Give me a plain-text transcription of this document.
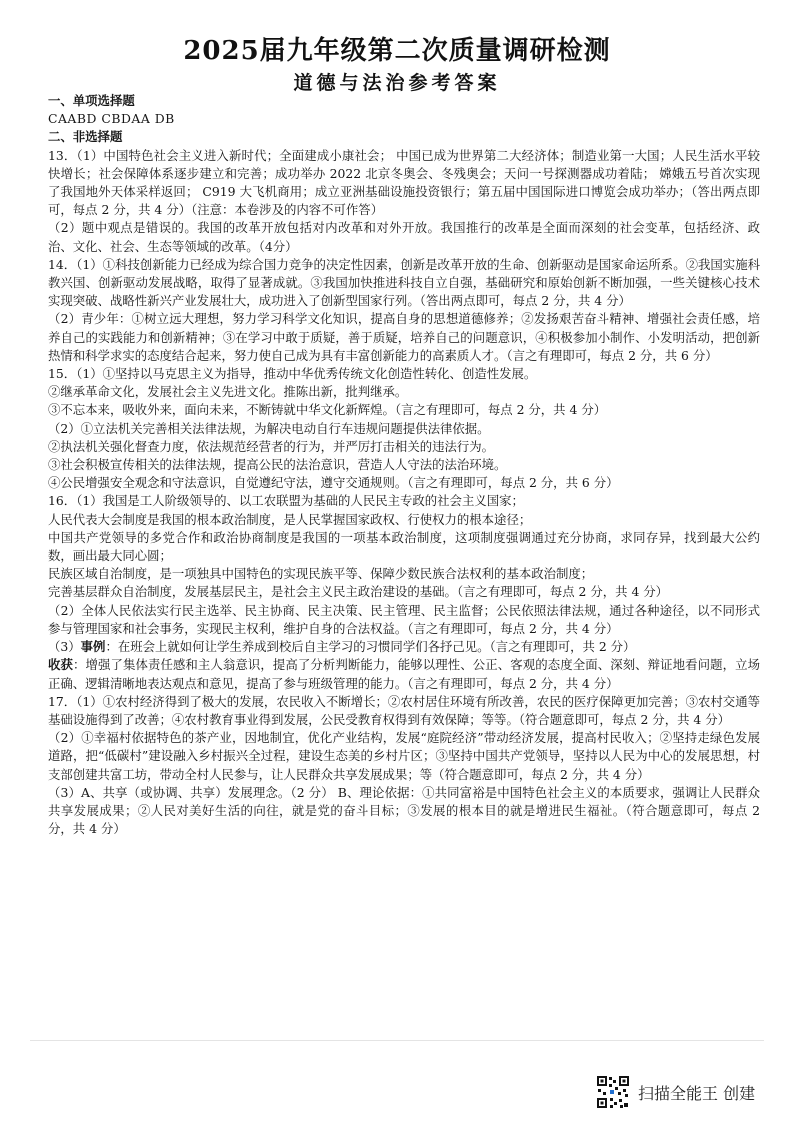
2025届九年级第二次质量调研检测
道德与法治参考答案

一、单项选择题

CAABD CBDAA DB

二、非选择题

13．（1）中国特色社会主义进入新时代；全面建成小康社会； 中国已成为世界第二大经济体；制造业第一大国；人民生活水平较快增长；社会保障体系逐步建立和完善；成功举办 2022 北京冬奥会、冬残奥会；天问一号探测器成功着陆； 嫦娥五号首次实现了我国地外天体采样返回； C919 大飞机商用；成立亚洲基础设施投资银行；第五届中国国际进口博览会成功举办；（答出两点即可，每点 2 分，共 4 分）（注意：本卷涉及的内容不可作答）

（2）题中观点是错误的。我国的改革开放包括对内改革和对外开放。我国推行的改革是全面而深刻的社会变革，包括经济、政治、文化、社会、生态等领域的改革。（4分）

14．（1）①科技创新能力已经成为综合国力竞争的决定性因素，创新是改革开放的生命、创新驱动是国家命运所系。②我国实施科教兴国、创新驱动发展战略，取得了显著成就。③我国加快推进科技自立自强，基础研究和原始创新不断加强，一些关键核心技术实现突破、战略性新兴产业发展壮大，成功进入了创新型国家行列。（答出两点即可，每点 2 分，共 4 分）

（2）青少年：①树立远大理想，努力学习科学文化知识，提高自身的思想道德修养；②发扬艰苦奋斗精神、增强社会责任感，培养自己的实践能力和创新精神；③在学习中敢于质疑，善于质疑，培养自己的问题意识，④积极参加小制作、小发明活动，把创新热情和科学求实的态度结合起来，努力使自己成为具有丰富创新能力的高素质人才。（言之有理即可，每点 2 分，共 6 分）

15．（1）①坚持以马克思主义为指导，推动中华优秀传统文化创造性转化、创造性发展。

②继承革命文化，发展社会主义先进文化。推陈出新，批判继承。

③不忘本来，吸收外来，面向未来，不断铸就中华文化新辉煌。（言之有理即可，每点 2 分，共 4 分）

（2）①立法机关完善相关法律法规，为解决电动自行车违规问题提供法律依据。

②执法机关强化督查力度，依法规范经营者的行为，并严厉打击相关的违法行为。

③社会积极宣传相关的法律法规，提高公民的法治意识，营造人人守法的法治环境。

④公民增强安全观念和守法意识，自觉遵纪守法，遵守交通规则。（言之有理即可，每点 2 分，共 6 分）

16．（1）我国是工人阶级领导的、以工农联盟为基础的人民民主专政的社会主义国家；

人民代表大会制度是我国的根本政治制度，是人民掌握国家政权、行使权力的根本途径；

中国共产党领导的多党合作和政治协商制度是我国的一项基本政治制度，这项制度强调通过充分协商，求同存异，找到最大公约数，画出最大同心圆；

民族区域自治制度，是一项独具中国特色的实现民族平等、保障少数民族合法权利的基本政治制度；

完善基层群众自治制度，发展基层民主，是社会主义民主政治建设的基础。（言之有理即可，每点 2 分，共 4 分）

（2）全体人民依法实行民主选举、民主协商、民主决策、民主管理、民主监督；公民依照法律法规，通过各种途径，以不同形式参与管理国家和社会事务，实现民主权利，维护自身的合法权益。（言之有理即可，每点 2 分，共 4 分）

（3）事例：在班会上就如何让学生养成到校后自主学习的习惯同学们各抒己见。（言之有理即可，共 2 分）

收获：增强了集体责任感和主人翁意识，提高了分析判断能力，能够以理性、公正、客观的态度全面、深刻、辩证地看问题，立场正确、逻辑清晰地表达观点和意见，提高了参与班级管理的能力。（言之有理即可，每点 2 分，共 4 分）

17．（1）①农村经济得到了极大的发展，农民收入不断增长；②农村居住环境有所改善，农民的医疗保障更加完善；③农村交通等基础设施得到了改善；④农村教育事业得到发展，公民受教育权得到有效保障；等等。（符合题意即可，每点 2 分，共 4 分）

（2）①幸福村依据特色的茶产业，因地制宜，优化产业结构，发展“庭院经济”带动经济发展，提高村民收入；②坚持走绿色发展道路，把“低碳村”建设融入乡村振兴全过程，建设生态美的乡村片区；③坚持中国共产党领导，坚持以人民为中心的发展思想，村支部创建共富工坊，带动全村人民参与，让人民群众共享发展成果；等（符合题意即可，每点 2 分，共 4 分）

（3）A、共享（或协调、共享）发展理念。（2 分） B、理论依据：①共同富裕是中国特色社会主义的本质要求，强调让人民群众共享发展成果；②人民对美好生活的向往，就是党的奋斗目标；③发展的根本目的就是增进民生福祉。（符合题意即可，每点 2 分，共 4 分）

扫描全能王 创建
